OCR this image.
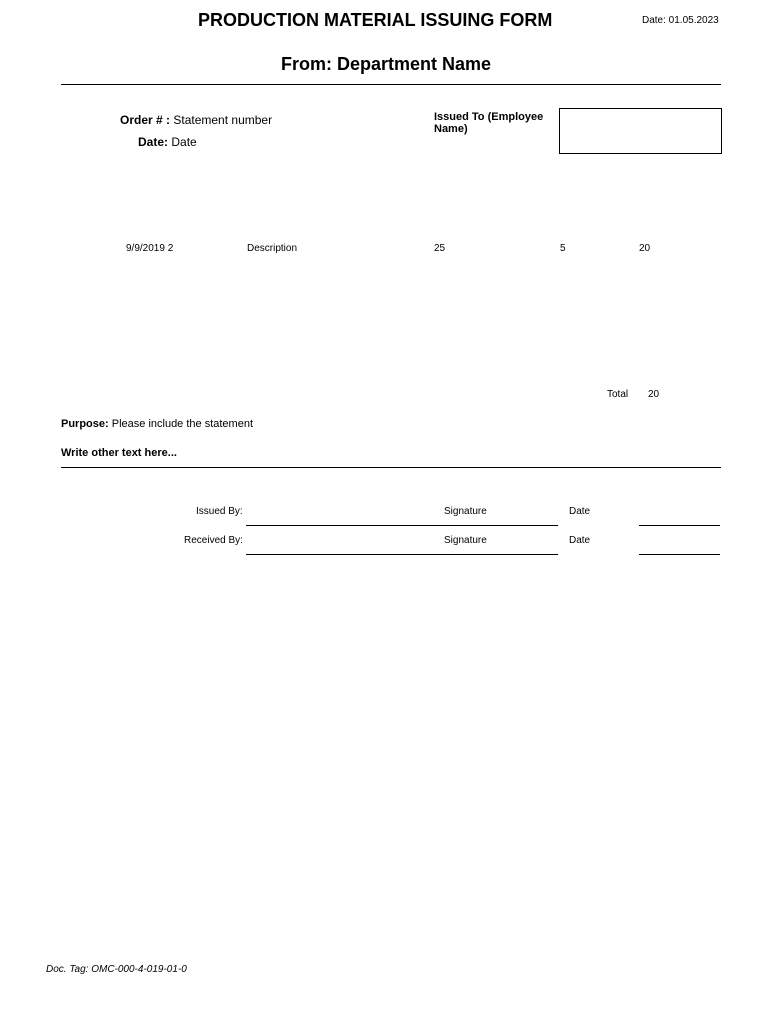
PRODUCTION MATERIAL ISSUING FORM	Date: 01.05.2023
From: Department Name
Order # : Statement number
Date: Date
Issued To (Employee Name)
9/9/2019 2	Description	25	5	20
Total 20
Purpose: Please include the statement
Write other text here...
Issued By:	Signature	Date
Received By:	Signature	Date
Doc. Tag: OMC-000-4-019-01-0
